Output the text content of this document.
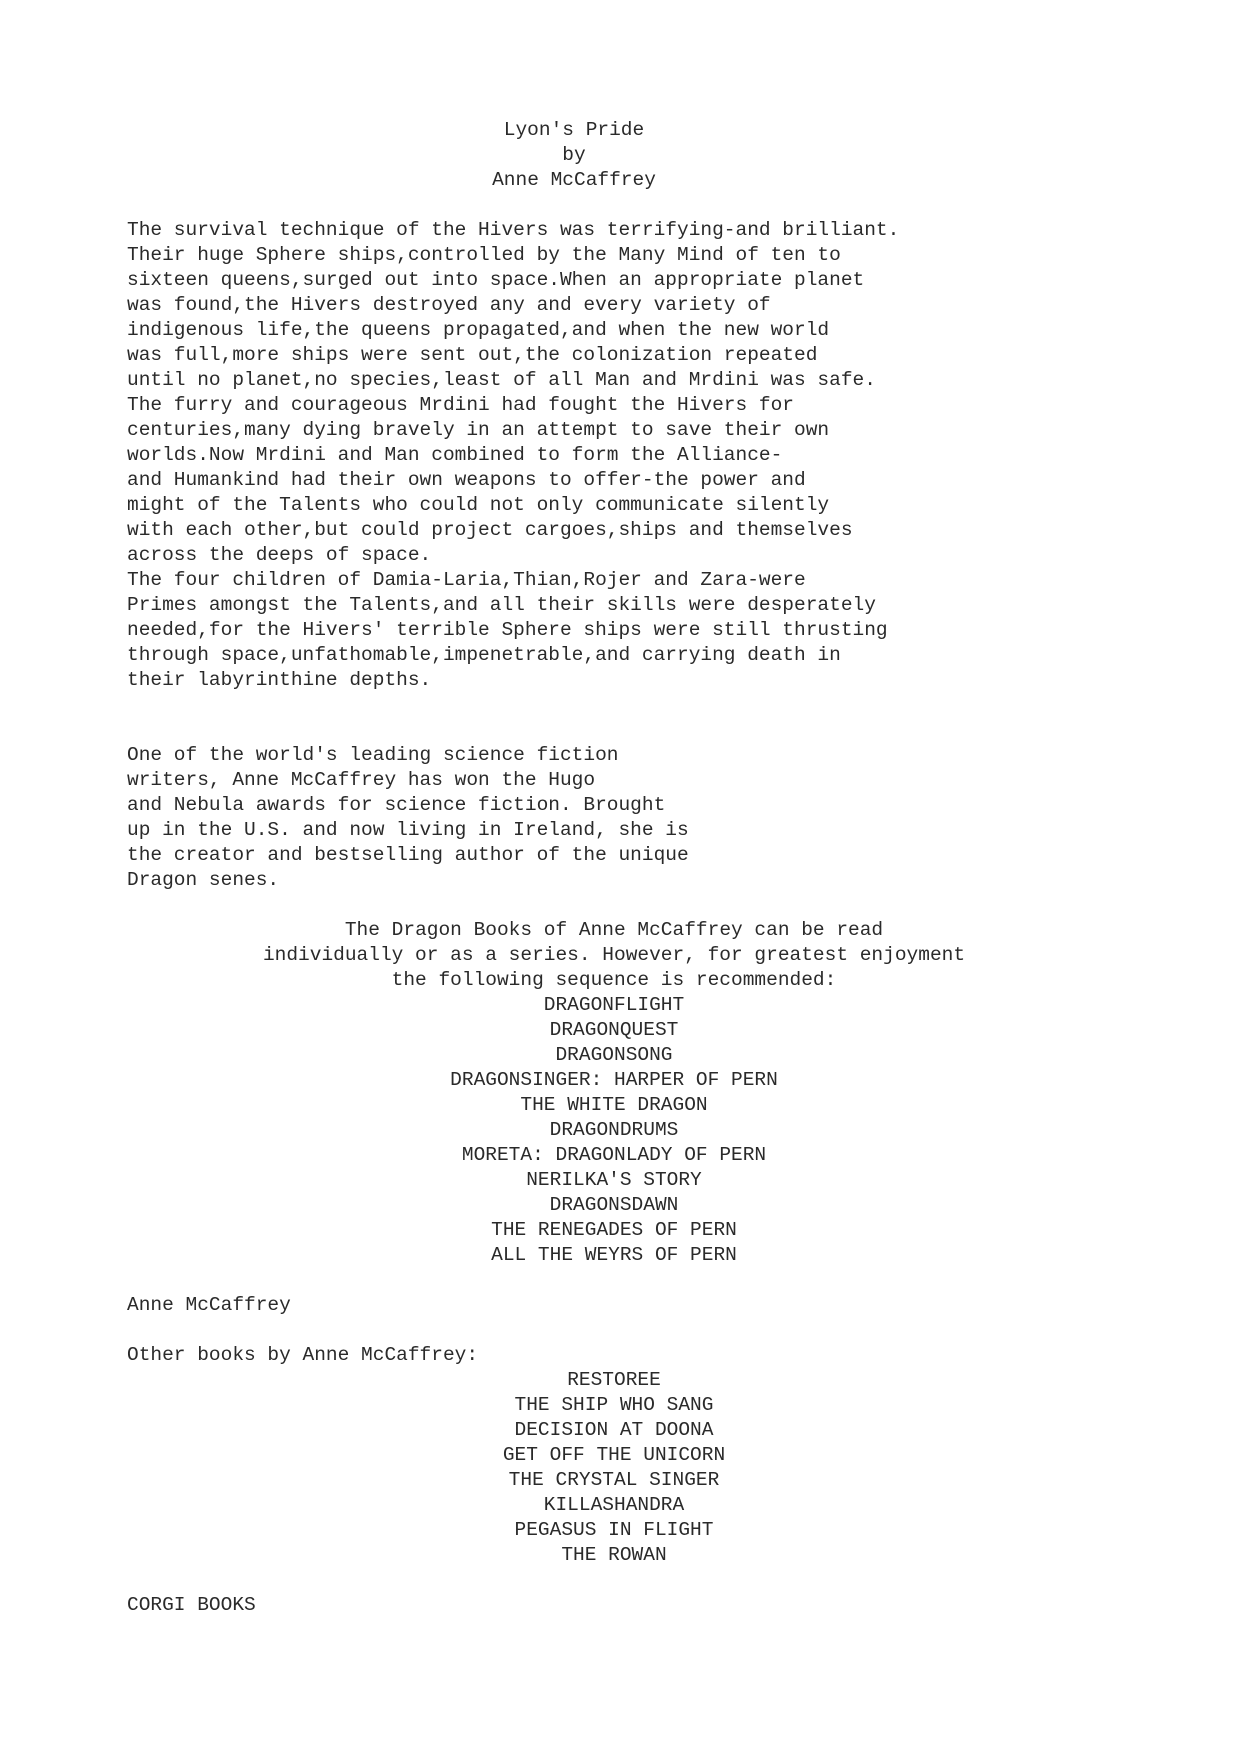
Lyon's Pride
by
Anne McCaffrey
The survival technique of the Hivers was terrifying-and brilliant.
Their huge Sphere ships,controlled by the Many Mind of ten to
sixteen queens,surged out into space.When an appropriate planet
was found,the Hivers destroyed any and every variety of
indigenous life,the queens propagated,and when the new world
was full,more ships were sent out,the colonization repeated
until no planet,no species,least of all Man and Mrdini was safe.
The furry and courageous Mrdini had fought the Hivers for
centuries,many dying bravely in an attempt to save their own
worlds.Now Mrdini and Man combined to form the Alliance-
and Humankind had their own weapons to offer-the power and
might of the Talents who could not only communicate silently
with each other,but could project cargoes,ships and themselves
across the deeps of space.
The four children of Damia-Laria,Thian,Rojer and Zara-were
Primes amongst the Talents,and all their skills were desperately
needed,for the Hivers' terrible Sphere ships were still thrusting
through space,unfathomable,impenetrable,and carrying death in
their labyrinthine depths.
One of the world's leading science fiction
writers, Anne McCaffrey has won the Hugo
and Nebula awards for science fiction. Brought
up in the U.S. and now living in Ireland, she is
the creator and bestselling author of the unique
Dragon senes.
The Dragon Books of Anne McCaffrey can be read
individually or as a series. However, for greatest enjoyment
the following sequence is recommended:
DRAGONFLIGHT
DRAGONQUEST
DRAGONSONG
DRAGONSINGER: HARPER OF PERN
THE WHITE DRAGON
DRAGONDRUMS
MORETA: DRAGONLADY OF PERN
NERILKA'S STORY
DRAGONSDAWN
THE RENEGADES OF PERN
ALL THE WEYRS OF PERN
Anne McCaffrey
Other books by Anne McCaffrey:
RESTOREE
THE SHIP WHO SANG
DECISION AT DOONA
GET OFF THE UNICORN
THE CRYSTAL SINGER
KILLASHANDRA
PEGASUS IN FLIGHT
THE ROWAN
CORGI BOOKS
